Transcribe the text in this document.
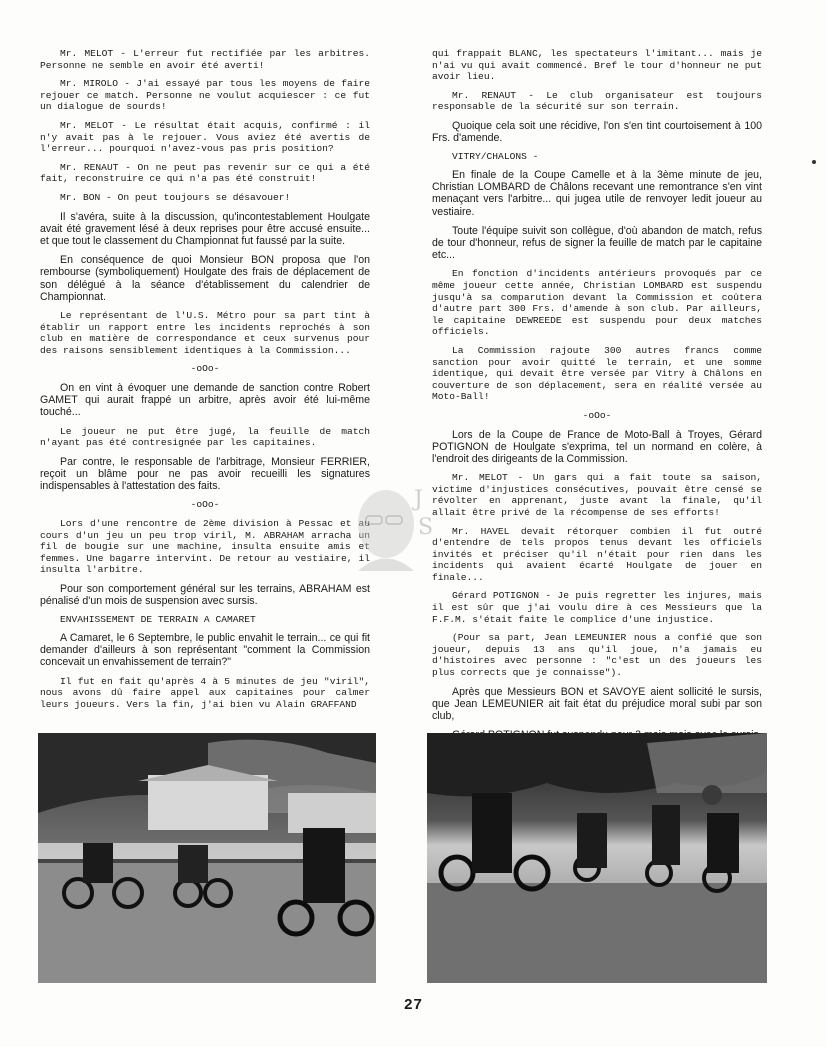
Mr. MELOT - L'erreur fut rectifiée par les arbitres. Personne ne semble en avoir été averti!

Mr. MIROLO - J'ai essayé par tous les moyens de faire rejouer ce match. Personne ne voulut acquiescer : ce fut un dialogue de sourds!

Mr. MELOT - Le résultat était acquis, confirmé : il n'y avait pas à le rejouer. Vous aviez été avertis de l'erreur... pourquoi n'avez-vous pas pris position?

Mr. RENAUT - On ne peut pas revenir sur ce qui a été fait, reconstruire ce qui n'a pas été construit!

Mr. BON - On peut toujours se désavouer!

Il s'avéra, suite à la discussion, qu'incontestablement Houlgate avait été gravement lésé à deux reprises pour être accusé ensuite... et que tout le classement du Championnat fut faussé par la suite.

En conséquence de quoi Monsieur BON proposa que l'on rembourse (symboliquement) Houlgate des frais de déplacement de son délégué à la séance d'établissement du calendrier de Championnat.

Le représentant de l'U.S. Métro pour sa part tint à établir un rapport entre les incidents reprochés à son club en matière de correspondance et ceux survenus pour des raisons sensiblement identiques à la Commission...

-oOo-

On en vint à évoquer une demande de sanction contre Robert GAMET qui aurait frappé un arbitre, après avoir été lui-même touché...

Le joueur ne put être jugé, la feuille de match n'ayant pas été contresignée par les capitaines.

Par contre, le responsable de l'arbitrage, Monsieur FERRIER, reçoit un blâme pour ne pas avoir recueilli les signatures indispensables à l'attestation des faits.

-oOo-

Lors d'une rencontre de 2ème division à Pessac et au cours d'un jeu un peu trop viril, M. ABRAHAM arracha un fil de bougie sur une machine, insulta ensuite amis et femmes. Une bagarre intervint. De retour au vestiaire, il insulta l'arbitre.

Pour son comportement général sur les terrains, ABRAHAM est pénalisé d'un mois de suspension avec sursis.

ENVAHISSEMENT DE TERRAIN A CAMARET

A Camaret, le 6 Septembre, le public envahit le terrain... ce qui fit demander d'ailleurs à son représentant "comment la Commission concevait un envahissement de terrain?"

Il fut en fait qu'après 4 à 5 minutes de jeu "viril", nous avons dû faire appel aux capitaines pour calmer leurs joueurs. Vers la fin, j'ai bien vu Alain GRAFFAND

qui frappait BLANC, les spectateurs l'imitant... mais je n'ai vu qui avait commencé. Bref le tour d'honneur ne put avoir lieu.

Mr. RENAUT - Le club organisateur est toujours responsable de la sécurité sur son terrain.

Quoique cela soit une récidive, l'on s'en tint courtoisement à 100 Frs. d'amende.

VITRY/CHALONS -

En finale de la Coupe Camelle et à la 3ème minute de jeu, Christian LOMBARD de Châlons recevant une remontrance s'en vint menaçant vers l'arbitre... qui jugea utile de renvoyer ledit joueur au vestiaire.

Toute l'équipe suivit son collègue, d'où abandon de match, refus de tour d'honneur, refus de signer la feuille de match par le capitaine etc...

En fonction d'incidents antérieurs provoqués par ce même joueur cette année, Christian LOMBARD est suspendu jusqu'à sa comparution devant la Commission et coûtera d'autre part 300 Frs. d'amende à son club. Par ailleurs, le capitaine DEWREEDE est suspendu pour deux matches officiels.

La Commission rajoute 300 autres francs comme sanction pour avoir quitté le terrain, et une somme identique, qui devait être versée par Vitry à Châlons en couverture de son déplacement, sera en réalité versée au Moto-Ball!

-oOo-

Lors de la Coupe de France de Moto-Ball à Troyes, Gérard POTIGNON de Houlgate s'exprima, tel un normand en colère, à l'endroit des dirigeants de la Commission.

Mr. MELOT - Un gars qui a fait toute sa saison, victime d'injustices consécutives, pouvait être censé se révolter en apprenant, juste avant la finale, qu'il allait être privé de la récompense de ses efforts!

Mr. HAVEL devait rétorquer combien il fut outré d'entendre de tels propos tenus devant les officiels invités et préciser qu'il n'était pour rien dans les incidents qui avaient écarté Houlgate de jouer en finale...

Gérard POTIGNON - Je puis regretter les injures, mais il est sûr que j'ai voulu dire à ces Messieurs que la F.F.M. s'était faite le complice d'une injustice.

(Pour sa part, Jean LEMEUNIER nous a confié que son joueur, depuis 13 ans qu'il joue, n'a jamais eu d'histoires avec personne : "c'est un des joueurs les plus corrects que je connaisse").

Après que Messieurs BON et SAVOYE aient sollicité le sursis, que Jean LEMEUNIER ait fait état du préjudice moral subi par son club,

J
S
27
